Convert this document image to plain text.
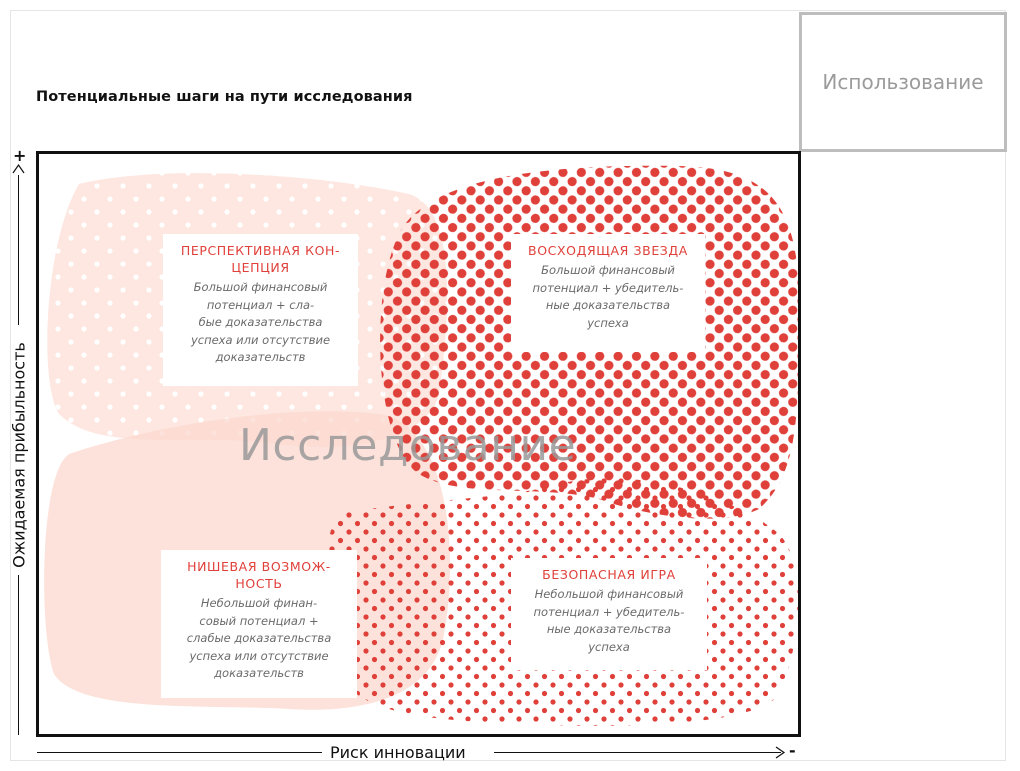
Потенциальные шаги на пути исследования
Использование
+
Ожидаемая прибыльность	Исследование
ПЕРСПЕКТИВНАЯ КОН-
ЦЕПЦИЯ
Большой финансовый
потенциал + сла-
бые доказательства
успеха или отсутствие
доказательств
ВОСХОДЯЩАЯ ЗВЕЗДА
Большой финансовый
потенциал + убедитель-
ные доказательства
успеха
НИШЕВАЯ ВОЗМОЖ-
НОСТЬ
Небольшой финан-
совый потенциал +
слабые доказательства
успеха или отсутствие
доказательств
БЕЗОПАСНАЯ ИГРА
Небольшой финансовый
потенциал + убедитель-
ные доказательства
успеха
Риск инновации	-
